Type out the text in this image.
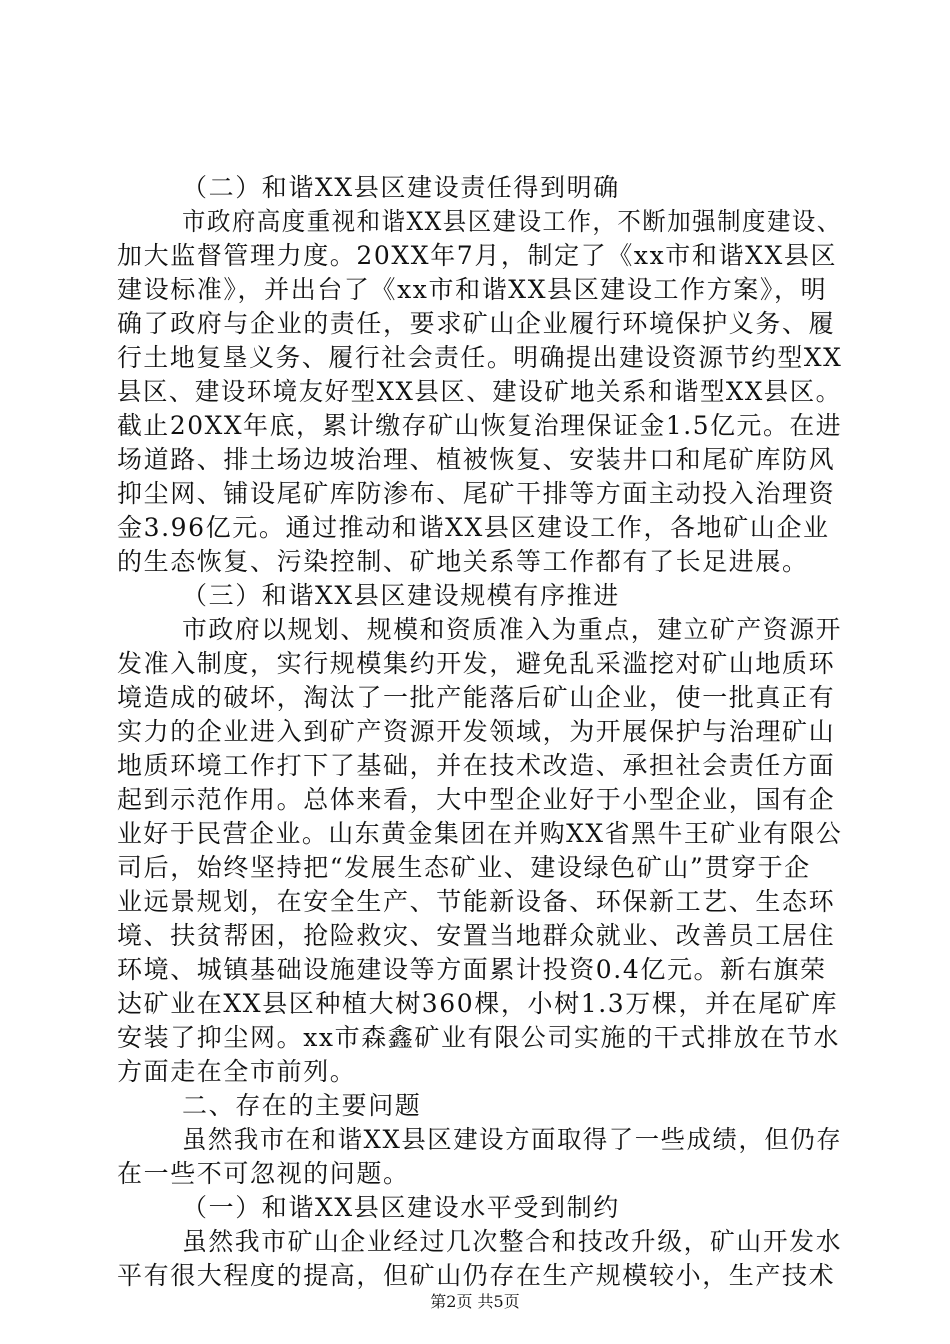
（二）和谐XX县区建设责任得到明确
市政府高度重视和谐XX县区建设工作，不断加强制度建设、
加大监督管理力度。20XX年7月，制定了《xx市和谐XX县区
建设标准》，并出台了《xx市和谐XX县区建设工作方案》，明
确了政府与企业的责任，要求矿山企业履行环境保护义务、履
行土地复垦义务、履行社会责任。明确提出建设资源节约型XX
县区、建设环境友好型XX县区、建设矿地关系和谐型XX县区。
截止20XX年底，累计缴存矿山恢复治理保证金1.5亿元。在进
场道路、排土场边坡治理、植被恢复、安装井口和尾矿库防风
抑尘网、铺设尾矿库防渗布、尾矿干排等方面主动投入治理资
金3.96亿元。通过推动和谐XX县区建设工作，各地矿山企业
的生态恢复、污染控制、矿地关系等工作都有了长足进展。
（三）和谐XX县区建设规模有序推进
市政府以规划、规模和资质准入为重点，建立矿产资源开
发准入制度，实行规模集约开发，避免乱采滥挖对矿山地质环
境造成的破坏，淘汰了一批产能落后矿山企业，使一批真正有
实力的企业进入到矿产资源开发领域，为开展保护与治理矿山
地质环境工作打下了基础，并在技术改造、承担社会责任方面
起到示范作用。总体来看，大中型企业好于小型企业，国有企
业好于民营企业。山东黄金集团在并购XX省黑牛王矿业有限公
司后，始终坚持把“发展生态矿业、建设绿色矿山”贯穿于企
业远景规划，在安全生产、节能新设备、环保新工艺、生态环
境、扶贫帮困，抢险救灾、安置当地群众就业、改善员工居住
环境、城镇基础设施建设等方面累计投资0.4亿元。新右旗荣
达矿业在XX县区种植大树360棵，小树1.3万棵，并在尾矿库
安装了抑尘网。xx市森鑫矿业有限公司实施的干式排放在节水
方面走在全市前列。
二、存在的主要问题
虽然我市在和谐XX县区建设方面取得了一些成绩，但仍存
在一些不可忽视的问题。
（一）和谐XX县区建设水平受到制约
虽然我市矿山企业经过几次整合和技改升级，矿山开发水
平有很大程度的提高，但矿山仍存在生产规模较小，生产技术
第2页 共5页
